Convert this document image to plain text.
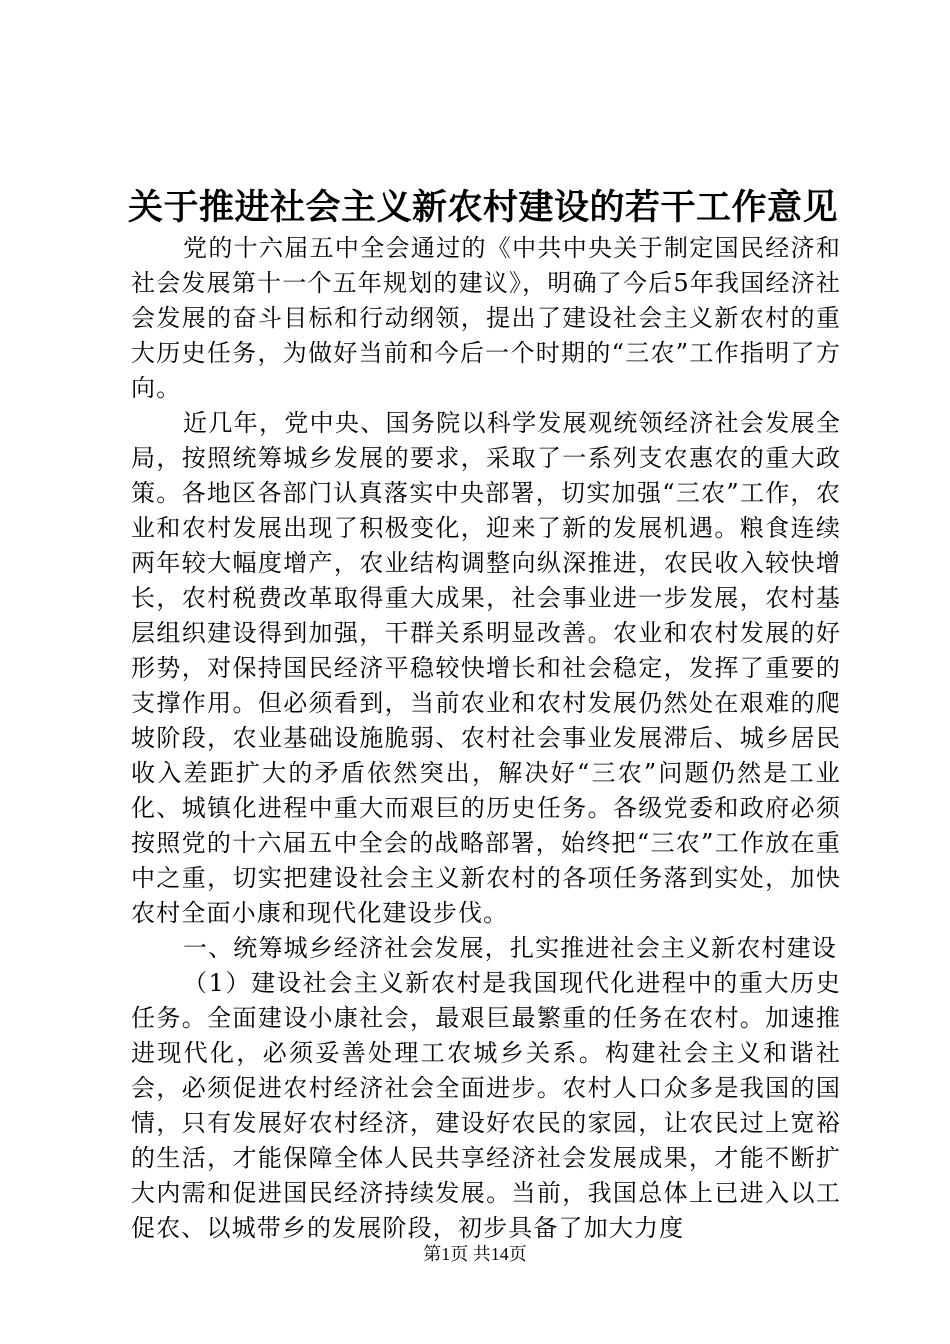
关于推进社会主义新农村建设的若干工作意见

党的十六届五中全会通过的《中共中央关于制定国民经济和社会发展第十一个五年规划的建议》，明确了今后5年我国经济社会发展的奋斗目标和行动纲领，提出了建设社会主义新农村的重大历史任务，为做好当前和今后一个时期的“三农”工作指明了方向。

近几年，党中央、国务院以科学发展观统领经济社会发展全局，按照统筹城乡发展的要求，采取了一系列支农惠农的重大政策。各地区各部门认真落实中央部署，切实加强“三农”工作，农业和农村发展出现了积极变化，迎来了新的发展机遇。粮食连续两年较大幅度增产，农业结构调整向纵深推进，农民收入较快增长，农村税费改革取得重大成果，社会事业进一步发展，农村基层组织建设得到加强，干群关系明显改善。农业和农村发展的好形势，对保持国民经济平稳较快增长和社会稳定，发挥了重要的支撑作用。但必须看到，当前农业和农村发展仍然处在艰难的爬坡阶段，农业基础设施脆弱、农村社会事业发展滞后、城乡居民收入差距扩大的矛盾依然突出，解决好“三农”问题仍然是工业化、城镇化进程中重大而艰巨的历史任务。各级党委和政府必须按照党的十六届五中全会的战略部署，始终把“三农”工作放在重中之重，切实把建设社会主义新农村的各项任务落到实处，加快农村全面小康和现代化建设步伐。

一、统筹城乡经济社会发展，扎实推进社会主义新农村建设

（1）建设社会主义新农村是我国现代化进程中的重大历史任务。全面建设小康社会，最艰巨最繁重的任务在农村。加速推进现代化，必须妥善处理工农城乡关系。构建社会主义和谐社会，必须促进农村经济社会全面进步。农村人口众多是我国的国情，只有发展好农村经济，建设好农民的家园，让农民过上宽裕的生活，才能保障全体人民共享经济社会发展成果，才能不断扩大内需和促进国民经济持续发展。当前，我国总体上已进入以工促农、以城带乡的发展阶段，初步具备了加大力度

第1页 共14页
